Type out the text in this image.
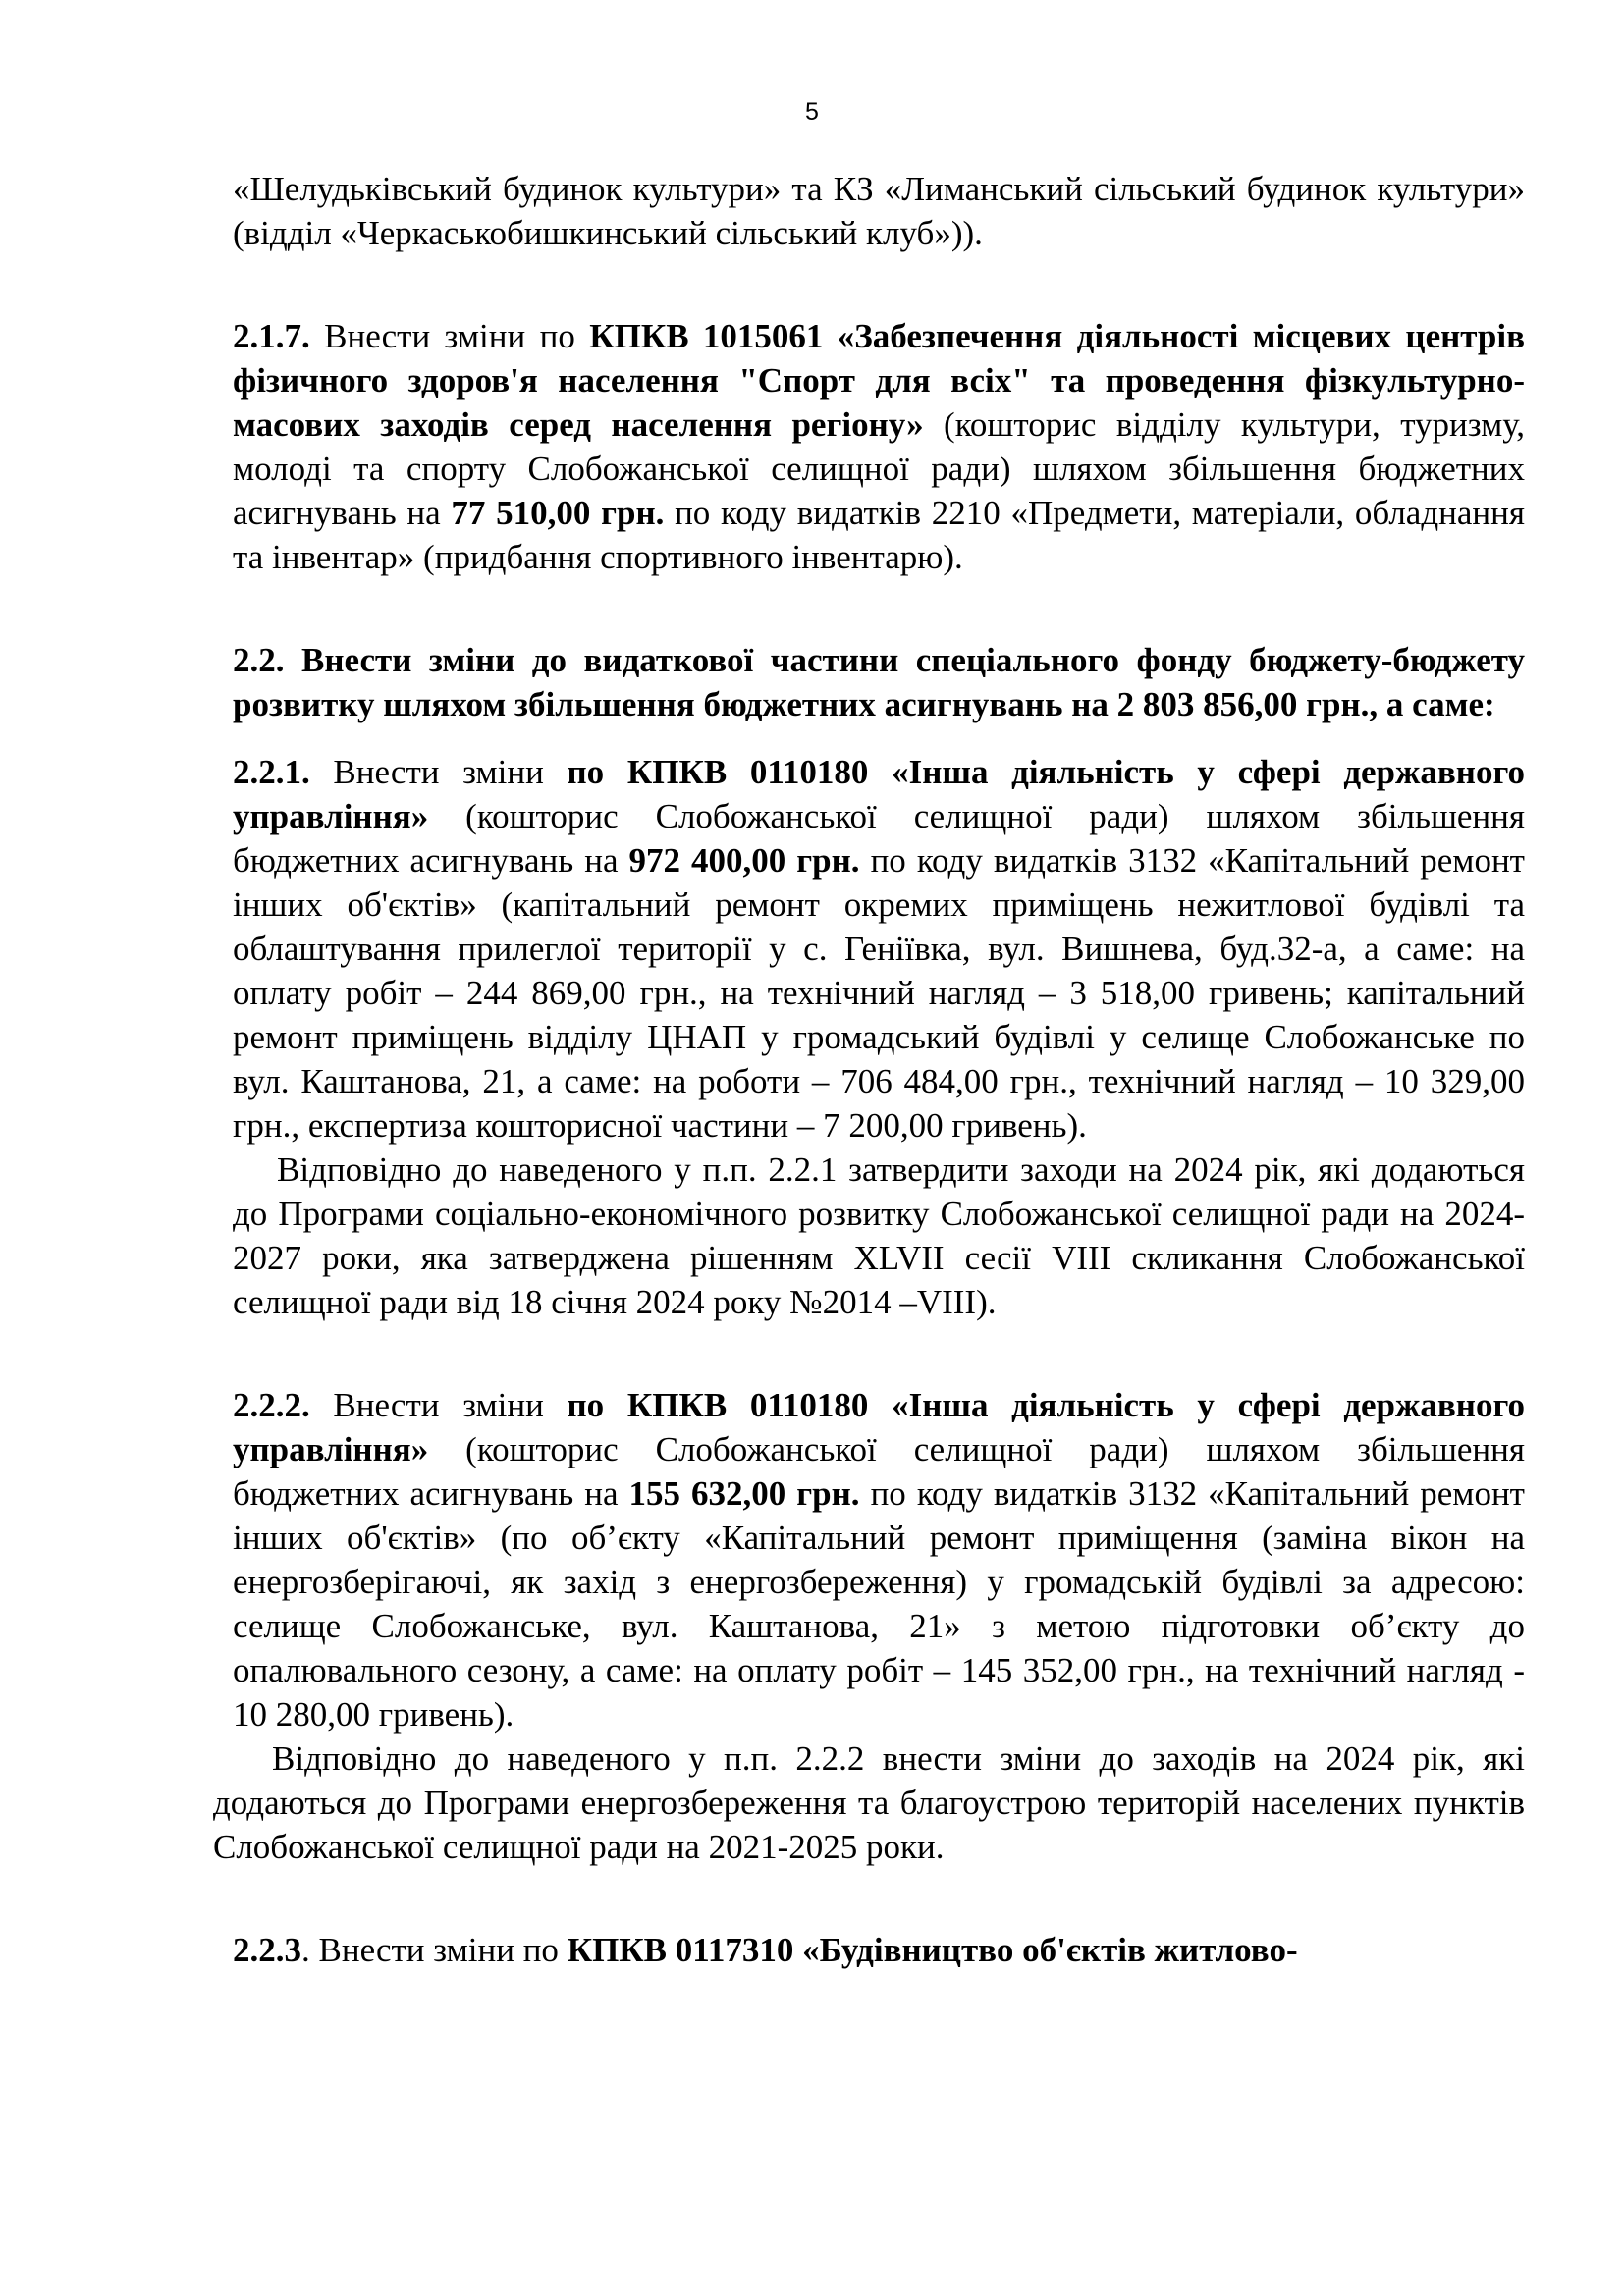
5

«Шелудьківський будинок культури» та КЗ «Лиманський сільський будинок культури» (відділ «Черкаськобишкинський сільський клуб»)).

2.1.7. Внести зміни по КПКВ 1015061 «Забезпечення діяльності місцевих центрів фізичного здоров'я населення "Спорт для всіх" та проведення фізкультурно-масових заходів серед населення регіону» (кошторис відділу культури, туризму, молоді та спорту Слобожанської селищної ради) шляхом збільшення бюджетних асигнувань на 77 510,00 грн. по коду видатків 2210 «Предмети, матеріали, обладнання та інвентар» (придбання спортивного інвентарю).

2.2. Внести зміни до видаткової частини спеціального фонду бюджету-бюджету розвитку шляхом збільшення бюджетних асигнувань на 2 803 856,00 грн., а саме:

2.2.1. Внести зміни по КПКВ 0110180 «Інша діяльність у сфері державного управління» (кошторис Слобожанської селищної ради) шляхом збільшення бюджетних асигнувань на 972 400,00 грн. по коду видатків 3132 «Капітальний ремонт інших об'єктів» (капітальний ремонт окремих приміщень нежитлової будівлі та облаштування прилеглої території у с. Геніївка, вул. Вишнева, буд.32-а, а саме: на оплату робіт – 244 869,00 грн., на технічний нагляд – 3 518,00 гривень; капітальний ремонт приміщень відділу ЦНАП у громадський будівлі у селище Слобожанське по вул. Каштанова, 21, а саме: на роботи – 706 484,00 грн., технічний нагляд – 10 329,00 грн., експертиза кошторисної частини – 7 200,00 гривень).

Відповідно до наведеного у п.п. 2.2.1 затвердити заходи на 2024 рік, які додаються до Програми соціально-економічного розвитку Слобожанської селищної ради на 2024-2027 роки, яка затверджена рішенням XLVII сесії VIII скликання Слобожанської селищної ради від 18 січня 2024 року №2014 –VIII).

2.2.2. Внести зміни по КПКВ 0110180 «Інша діяльність у сфері державного управління» (кошторис Слобожанської селищної ради) шляхом збільшення бюджетних асигнувань на 155 632,00 грн. по коду видатків 3132 «Капітальний ремонт інших об'єктів» (по об’єкту «Капітальний ремонт приміщення (заміна вікон на енергозберігаючі, як захід з енергозбереження) у громадській будівлі за адресою: селище Слобожанське, вул. Каштанова, 21» з метою підготовки об’єкту до опалювального сезону, а саме: на оплату робіт – 145 352,00 грн., на технічний нагляд - 10 280,00 гривень).

Відповідно до наведеного у п.п. 2.2.2 внести зміни до заходів на 2024 рік, які додаються до Програми енергозбереження та благоустрою територій населених пунктів Слобожанської селищної ради на 2021-2025 роки.

2.2.3. Внести зміни по КПКВ 0117310 «Будівництво об'єктів житлово-
